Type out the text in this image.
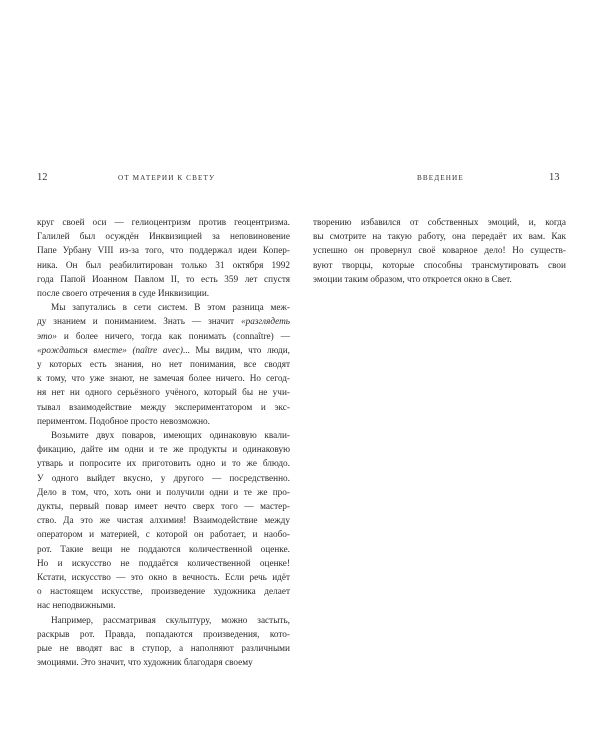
12	ОТ МАТЕРИИ К СВЕТУ	ВВЕДЕНИЕ	13
круг своей оси — гелиоцентризм против геоцентризма.
Галилей был осуждён Инквизицией за неповиновение
Папе Урбану VIII из-за того, что поддержал идеи Копер-
ника. Он был реабилитирован только 31 октября 1992
года Папой Иоанном Павлом II, то есть 359 лет спустя
после своего отречения в суде Инквизиции.
Мы запутались в сети систем. В этом разница меж-
ду знанием и пониманием. Знать — значит «разглядеть
это» и более ничего, тогда как понимать (connaître) —
«рождаться вместе» (naître avec)... Мы видим, что люди,
у которых есть знания, но нет понимания, все сводят
к тому, что уже знают, не замечая более ничего. Но сегод-
ня нет ни одного серьёзного учёного, который бы не учи-
тывал взаимодействие между экспериментатором и экс-
периментом. Подобное просто невозможно.
Возьмите двух поваров, имеющих одинаковую квали-
фикацию, дайте им одни и те же продукты и одинаковую
утварь и попросите их приготовить одно и то же блюдо.
У одного выйдет вкусно, у другого — посредственно.
Дело в том, что, хоть они и получили одни и те же про-
дукты, первый повар имеет нечто сверх того — мастер-
ство. Да это же чистая алхимия! Взаимодействие между
оператором и материей, с которой он работает, и наобо-
рот. Такие вещи не поддаются количественной оценке.
Но и искусство не поддаётся количественной оценке!
Кстати, искусство — это окно в вечность. Если речь идёт
о настоящем искусстве, произведение художника делает
нас неподвижными.
Например, рассматривая скульптуру, можно застыть,
раскрыв рот. Правда, попадаются произведения, кото-
рые не вводят вас в ступор, а наполняют различными
эмоциями. Это значит, что художник благодаря своему
творению избавился от собственных эмоций, и, когда
вы смотрите на такую работу, она передаёт их вам. Как
успешно он провернул своё коварное дело! Но существ-
вуют творцы, которые способны трансмутировать свои
эмоции таким образом, что откроется окно в Свет.
